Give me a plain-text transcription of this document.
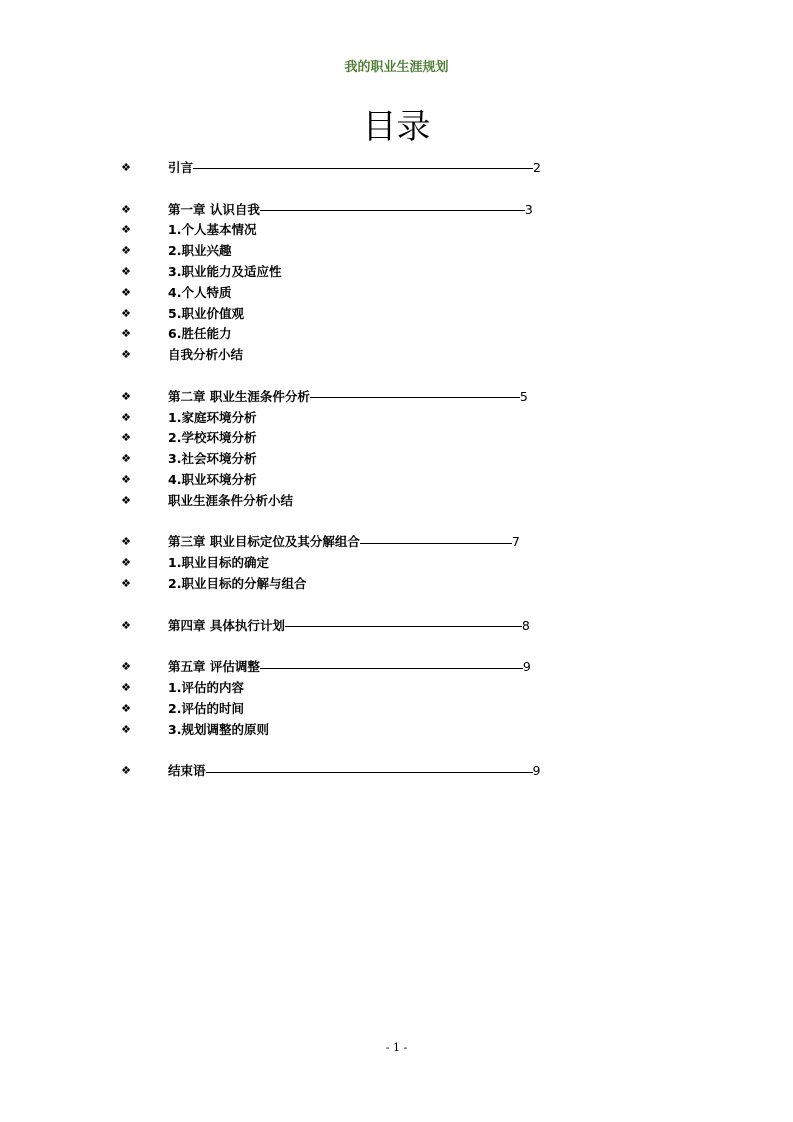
我的职业生涯规划
目录
❖	引言	2
❖	第一章 认识自我	3
❖	1.个人基本情况
❖	2.职业兴趣
❖	3.职业能力及适应性
❖	4.个人特质
❖	5.职业价值观
❖	6.胜任能力
❖	自我分析小结
❖	第二章 职业生涯条件分析	5
❖	1.家庭环境分析
❖	2.学校环境分析
❖	3.社会环境分析
❖	4.职业环境分析
❖	职业生涯条件分析小结
❖	第三章 职业目标定位及其分解组合	7
❖	1.职业目标的确定
❖	2.职业目标的分解与组合
❖	第四章 具体执行计划	8
❖	第五章 评估调整	9
❖	1.评估的内容
❖	2.评估的时间
❖	3.规划调整的原则
❖	结束语	9
- 1 -
